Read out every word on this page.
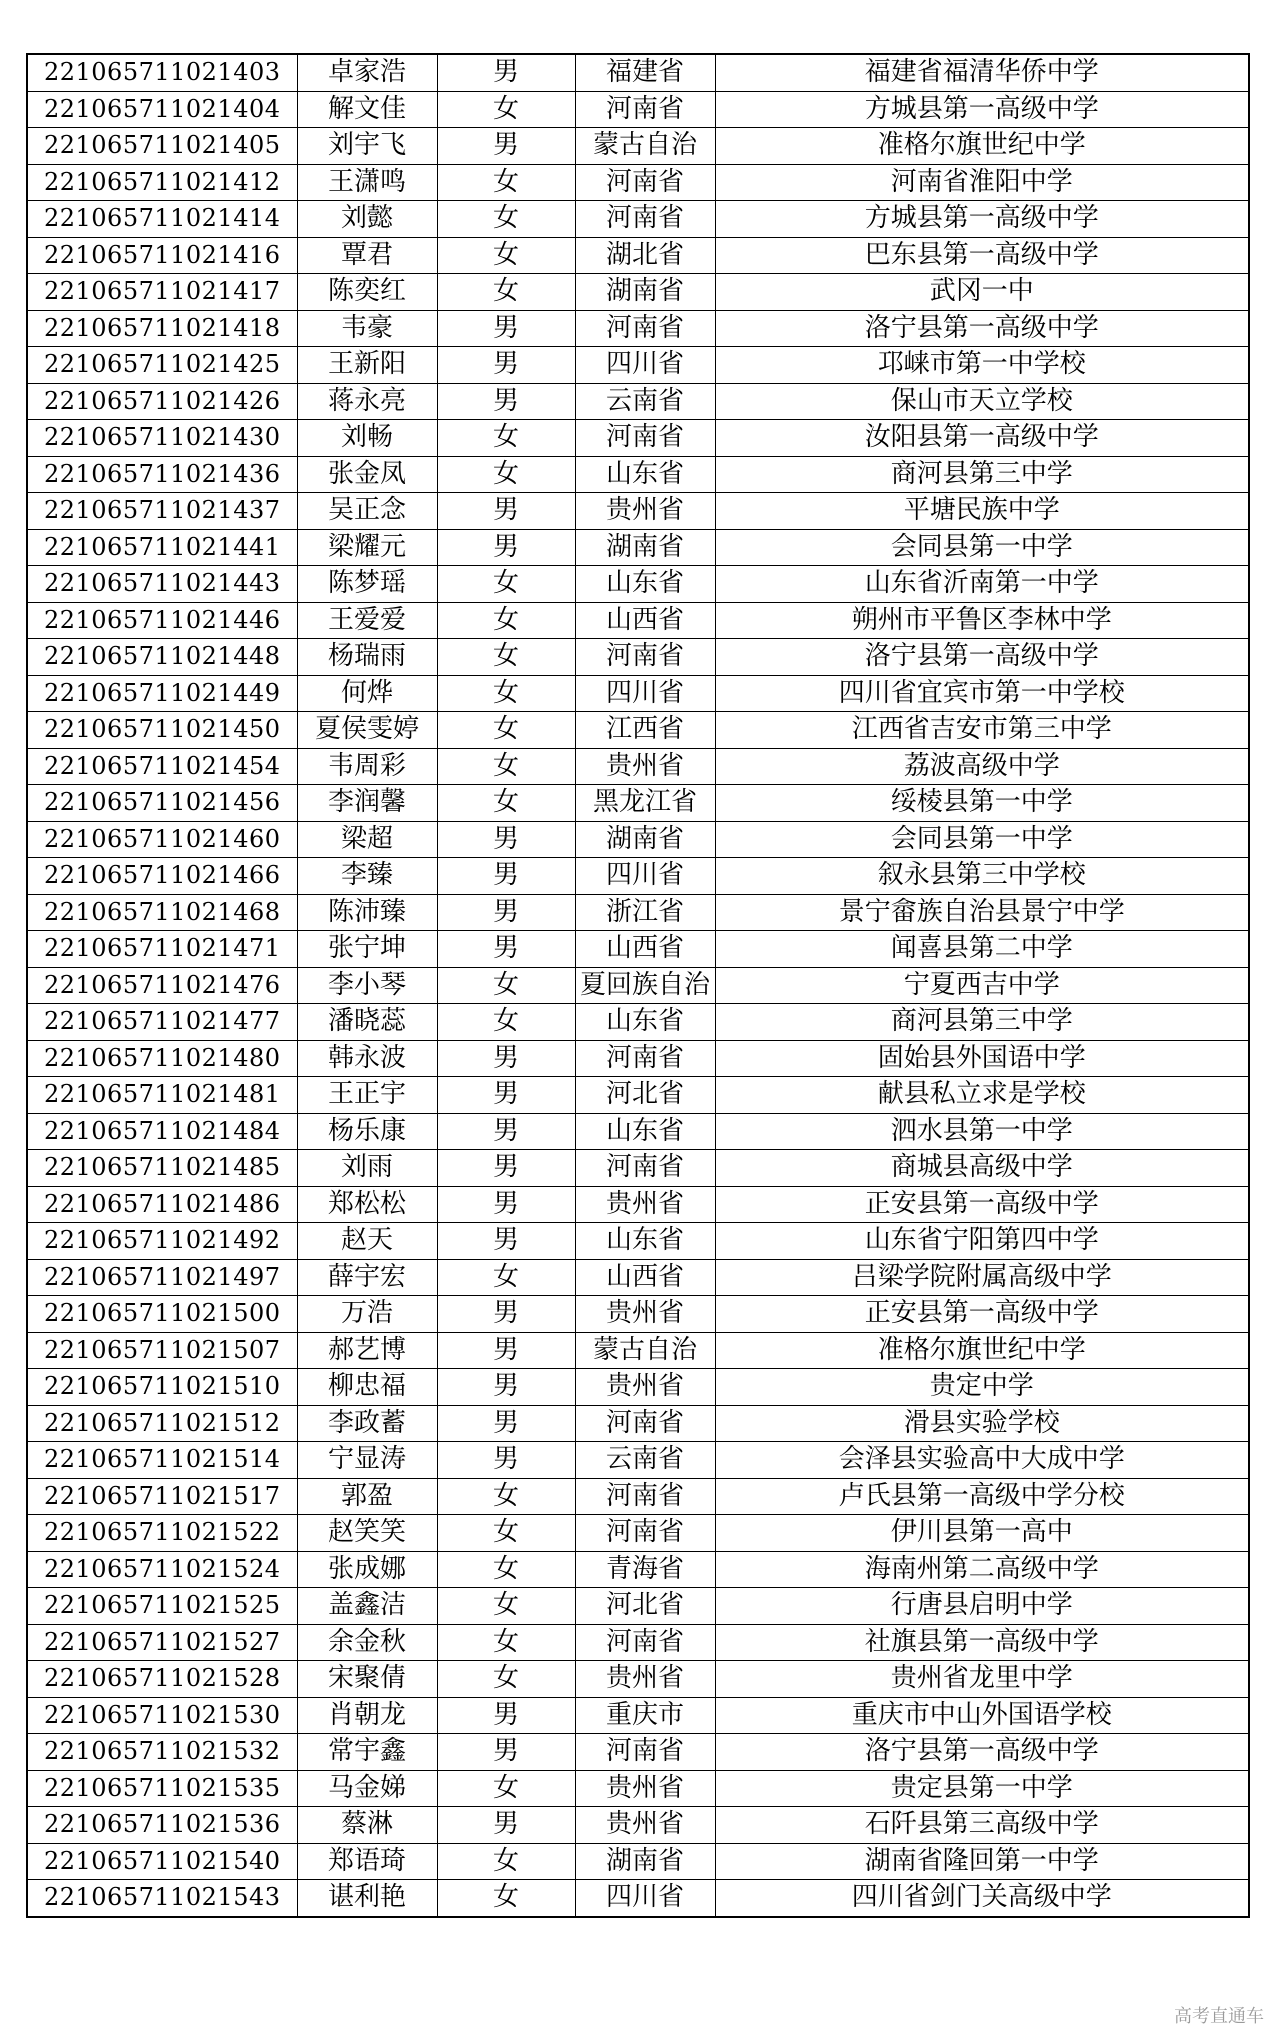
221065711021403	卓家浩	男	福建省	福建省福清华侨中学
221065711021404	解文佳	女	河南省	方城县第一高级中学
221065711021405	刘宇飞	男	蒙古自治	准格尔旗世纪中学
221065711021412	王潇鸣	女	河南省	河南省淮阳中学
221065711021414	刘懿	女	河南省	方城县第一高级中学
221065711021416	覃君	女	湖北省	巴东县第一高级中学
221065711021417	陈奕红	女	湖南省	武冈一中
221065711021418	韦豪	男	河南省	洛宁县第一高级中学
221065711021425	王新阳	男	四川省	邛崃市第一中学校
221065711021426	蒋永亮	男	云南省	保山市天立学校
221065711021430	刘畅	女	河南省	汝阳县第一高级中学
221065711021436	张金凤	女	山东省	商河县第三中学
221065711021437	吴正念	男	贵州省	平塘民族中学
221065711021441	梁耀元	男	湖南省	会同县第一中学
221065711021443	陈梦瑶	女	山东省	山东省沂南第一中学
221065711021446	王爱爱	女	山西省	朔州市平鲁区李林中学
221065711021448	杨瑞雨	女	河南省	洛宁县第一高级中学
221065711021449	何烨	女	四川省	四川省宜宾市第一中学校
221065711021450	夏侯雯婷	女	江西省	江西省吉安市第三中学
221065711021454	韦周彩	女	贵州省	荔波高级中学
221065711021456	李润馨	女	黑龙江省	绥棱县第一中学
221065711021460	梁超	男	湖南省	会同县第一中学
221065711021466	李臻	男	四川省	叙永县第三中学校
221065711021468	陈沛臻	男	浙江省	景宁畲族自治县景宁中学
221065711021471	张宁坤	男	山西省	闻喜县第二中学
221065711021476	李小琴	女	夏回族自治	宁夏西吉中学
221065711021477	潘晓蕊	女	山东省	商河县第三中学
221065711021480	韩永波	男	河南省	固始县外国语中学
221065711021481	王正宇	男	河北省	献县私立求是学校
221065711021484	杨乐康	男	山东省	泗水县第一中学
221065711021485	刘雨	男	河南省	商城县高级中学
221065711021486	郑松松	男	贵州省	正安县第一高级中学
221065711021492	赵天	男	山东省	山东省宁阳第四中学
221065711021497	薛宇宏	女	山西省	吕梁学院附属高级中学
221065711021500	万浩	男	贵州省	正安县第一高级中学
221065711021507	郝艺博	男	蒙古自治	准格尔旗世纪中学
221065711021510	柳忠福	男	贵州省	贵定中学
221065711021512	李政蓄	男	河南省	滑县实验学校
221065711021514	宁显涛	男	云南省	会泽县实验高中大成中学
221065711021517	郭盈	女	河南省	卢氏县第一高级中学分校
221065711021522	赵笑笑	女	河南省	伊川县第一高中
221065711021524	张成娜	女	青海省	海南州第二高级中学
221065711021525	盖鑫洁	女	河北省	行唐县启明中学
221065711021527	余金秋	女	河南省	社旗县第一高级中学
221065711021528	宋聚倩	女	贵州省	贵州省龙里中学
221065711021530	肖朝龙	男	重庆市	重庆市中山外国语学校
221065711021532	常宇鑫	男	河南省	洛宁县第一高级中学
221065711021535	马金娣	女	贵州省	贵定县第一中学
221065711021536	蔡淋	男	贵州省	石阡县第三高级中学
221065711021540	郑语琦	女	湖南省	湖南省隆回第一中学
221065711021543	谌利艳	女	四川省	四川省剑门关高级中学
高考直通车
